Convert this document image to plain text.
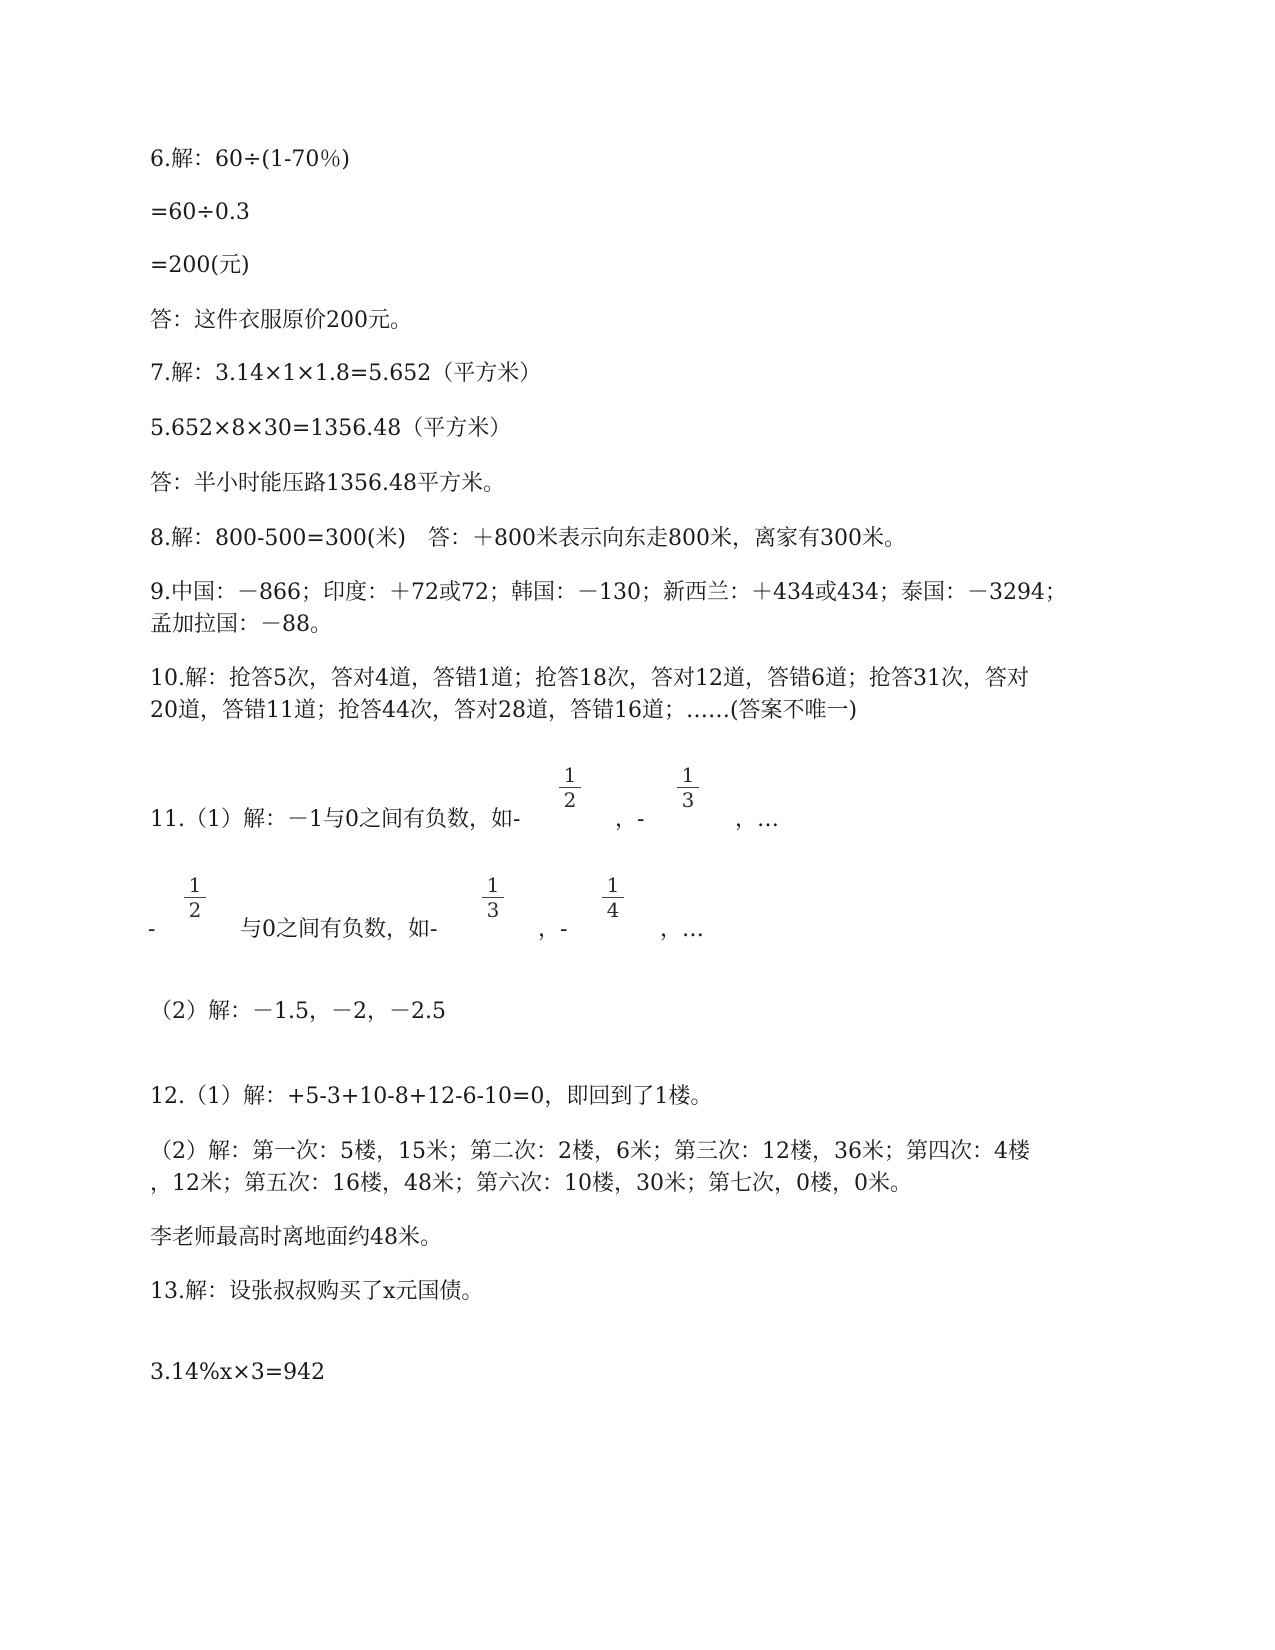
6.解：60÷(1-70％)
=60÷0.3
=200(元)
答：这件衣服原价200元。
7.解：3.14×1×1.8=5.652（平方米）
5.652×8×30=1356.48（平方米）
答：半小时能压路1356.48平方米。
8.解：800-500=300(米)　答：＋800米表示向东走800米，离家有300米。
9.中国：－866；印度：＋72或72；韩国：－130；新西兰：＋434或434；泰国：－3294；
孟加拉国：－88。
10.解：抢答5次，答对4道，答错1道；抢答18次，答对12道，答错6道；抢答31次，答对
20道，答错11道；抢答44次，答对28道，答错16道；……(答案不唯一)
11.（1）解：－1与0之间有负数，如-
$\frac{1}{2}$
，-
$\frac{1}{3}$
，…
-
$\frac{1}{2}$
与0之间有负数，如-
$\frac{1}{3}$
，-
$\frac{1}{4}$
，…
（2）解：－1.5，－2，－2.5
12.（1）解：+5-3+10-8+12-6-10=0，即回到了1楼。
（2）解：第一次：5楼，15米；第二次：2楼，6米；第三次：12楼，36米；第四次：4楼
，12米；第五次：16楼，48米；第六次：10楼，30米；第七次，0楼，0米。
李老师最高时离地面约48米。
13.解：设张叔叔购买了x元国债。
3.14%x×3=942
